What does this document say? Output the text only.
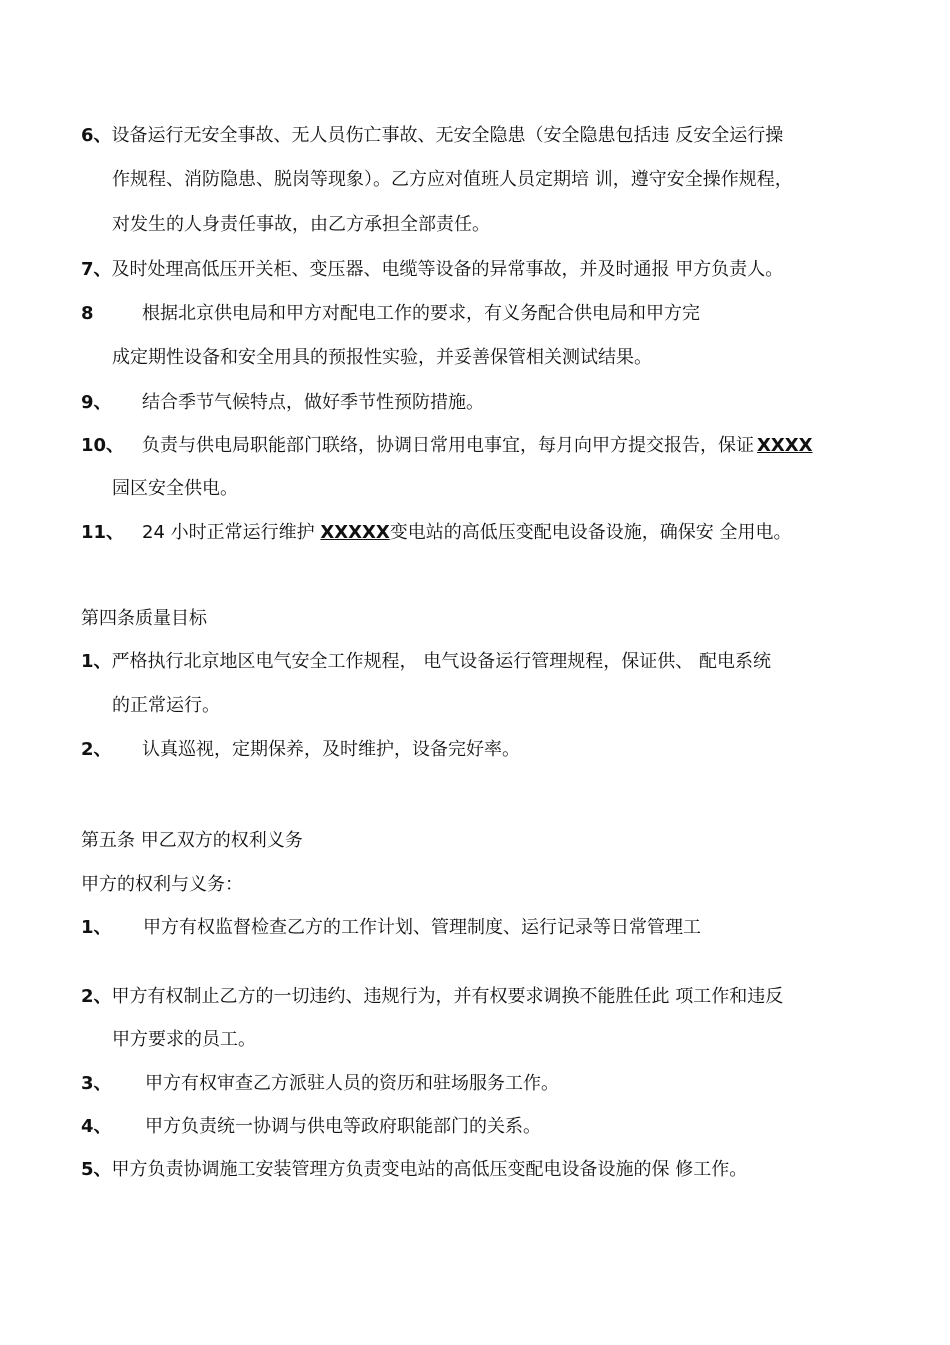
6、设备运行无安全事故、无人员伤亡事故、无安全隐患（安全隐患包括违 反安全运行操
作规程、消防隐患、脱岗等现象）。乙方应对值班人员定期培 训，遵守安全操作规程，
对发生的人身责任事故，由乙方承担全部责任。
7、及时处理高低压开关柜、变压器、电缆等设备的异常事故，并及时通报 甲方负责人。
8	根据北京供电局和甲方对配电工作的要求，有义务配合供电局和甲方完
成定期性设备和安全用具的预报性实验，并妥善保管相关测试结果。
9、 结合季节气候特点，做好季节性预防措施。
10、 负责与供电局职能部门联络，协调日常用电事宜，每月向甲方提交报告，保证 XXXX
园区安全供电。
11、 24 小时正常运行维护 XXXXX变电站的高低压变配电设备设施，确保安 全用电。
第四条质量目标
1、严格执行北京地区电气安全工作规程， 电气设备运行管理规程，保证供、 配电系统
的正常运行。
2、 认真巡视，定期保养，及时维护，设备完好率。
第五条 甲乙双方的权利义务
甲方的权利与义务：
1、 甲方有权监督检查乙方的工作计划、管理制度、运行记录等日常管理工
2、甲方有权制止乙方的一切违约、违规行为，并有权要求调换不能胜任此 项工作和违反
甲方要求的员工。
3、 甲方有权审查乙方派驻人员的资历和驻场服务工作。
4、 甲方负责统一协调与供电等政府职能部门的关系。
5、甲方负责协调施工安装管理方负责变电站的高低压变配电设备设施的保 修工作。
